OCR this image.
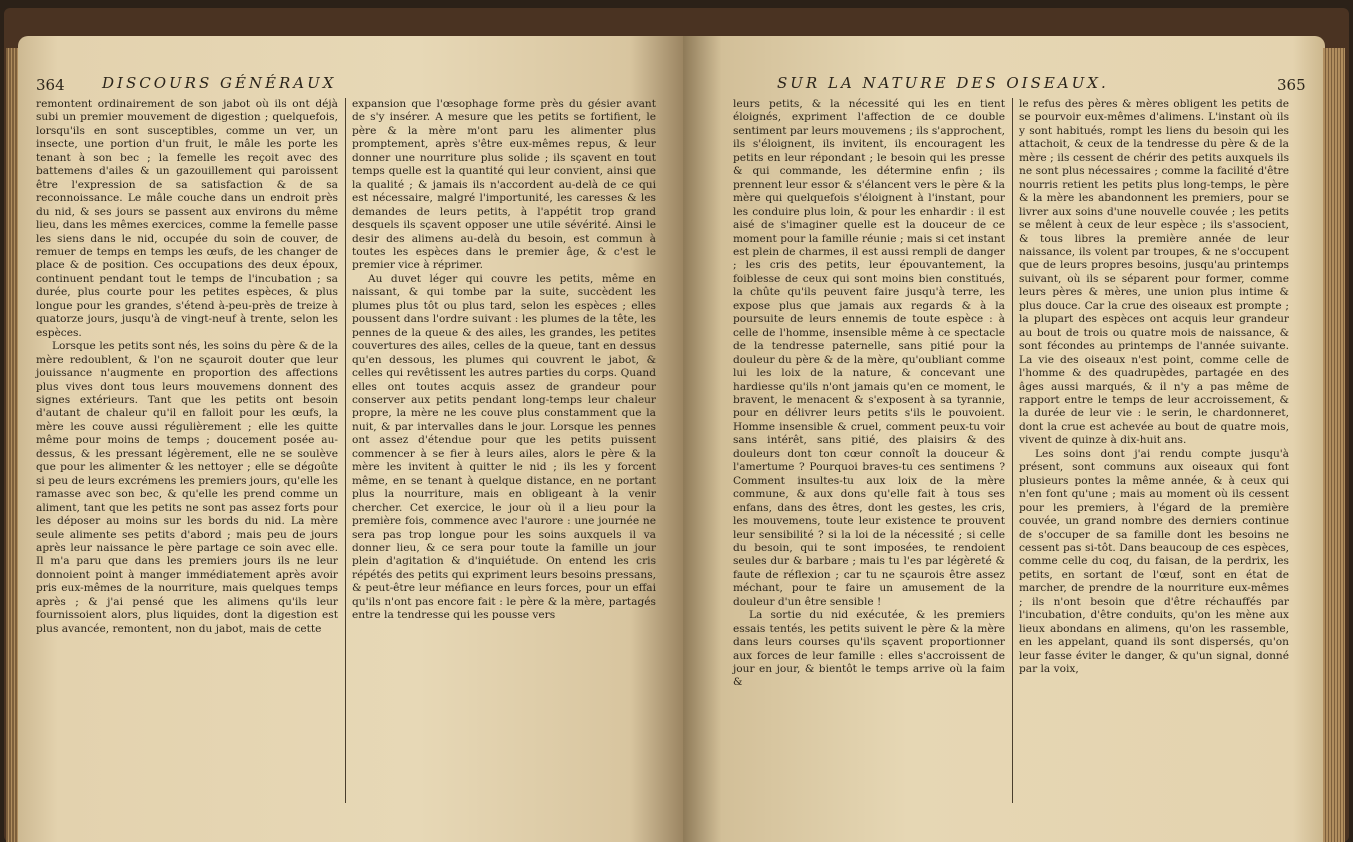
364 DISCOURS GÉNÉRAUX

remontent ordinairement de son jabot où ils ont déjà subi un premier mouvement de digestion ; quelquefois, lorsqu'ils en sont susceptibles, comme un ver, un insecte, une portion d'un fruit, le mâle les porte les tenant à son bec ; la femelle les reçoit avec des battemens d'ailes & un gazouillement qui paroissent être l'expression de sa satisfaction & de sa reconnoissance. Le mâle couche dans un endroit près du nid, & ses jours se passent aux environs du même lieu, dans les mêmes exercices, comme la femelle passe les siens dans le nid, occupée du soin de couver, de remuer de temps en temps les œufs, de les changer de place & de position. Ces occupations des deux époux, continuent pendant tout le temps de l'incubation ; sa durée, plus courte pour les petites espèces, & plus longue pour les grandes, s'étend à-peu-près de treize à quatorze jours, jusqu'à de vingt-neuf à trente, selon les espèces.

Lorsque les petits sont nés, les soins du père & de la mère redoublent, & l'on ne sçauroit douter que leur jouissance n'augmente en proportion des affections plus vives dont tous leurs mouvemens donnent des signes extérieurs. Tant que les petits ont besoin d'autant de chaleur qu'il en falloit pour les œufs, la mère les couve aussi régulièrement ; elle les quitte même pour moins de temps ; doucement posée au-dessus, & les pressant légèrement, elle ne se soulève que pour les alimenter & les nettoyer ; elle se dégoûte si peu de leurs excrémens les premiers jours, qu'elle les ramasse avec son bec, & qu'elle les prend comme un aliment, tant que les petits ne sont pas assez forts pour les déposer au moins sur les bords du nid. La mère seule alimente ses petits d'abord ; mais peu de jours après leur naissance le père partage ce soin avec elle. Il m'a paru que dans les premiers jours ils ne leur donnoient point à manger immédiatement après avoir pris eux-mêmes de la nourriture, mais quelques temps après ; & j'ai pensé que les alimens qu'ils leur fournissoient alors, plus liquides, dont la digestion est plus avancée, remontent, non du jabot, mais de cette

expansion que l'œsophage forme près du gésier avant de s'y insérer. A mesure que les petits se fortifient, le père & la mère m'ont paru les alimenter plus promptement, après s'être eux-mêmes repus, & leur donner une nourriture plus solide ; ils sçavent en tout temps quelle est la quantité qui leur convient, ainsi que la qualité ; & jamais ils n'accordent au-delà de ce qui est nécessaire, malgré l'importunité, les caresses & les demandes de leurs petits, à l'appétit trop grand desquels ils sçavent opposer une utile sévérité. Ainsi le desir des alimens au-delà du besoin, est commun à toutes les espèces dans le premier âge, & c'est le premier vice à réprimer.

Au duvet léger qui couvre les petits, même en naissant, & qui tombe par la suite, succèdent les plumes plus tôt ou plus tard, selon les espèces ; elles poussent dans l'ordre suivant : les plumes de la tête, les pennes de la queue & des ailes, les grandes, les petites couvertures des ailes, celles de la queue, tant en dessus qu'en dessous, les plumes qui couvrent le jabot, & celles qui revêtissent les autres parties du corps. Quand elles ont toutes acquis assez de grandeur pour conserver aux petits pendant long-temps leur chaleur propre, la mère ne les couve plus constamment que la nuit, & par intervalles dans le jour. Lorsque les pennes ont assez d'étendue pour que les petits puissent commencer à se fier à leurs ailes, alors le père & la mère les invitent à quitter le nid ; ils les y forcent même, en se tenant à quelque distance, en ne portant plus la nourriture, mais en obligeant à la venir chercher. Cet exercice, le jour où il a lieu pour la première fois, commence avec l'aurore : une journée ne sera pas trop longue pour les soins auxquels il va donner lieu, & ce sera pour toute la famille un jour plein d'agitation & d'inquiétude. On entend les cris répétés des petits qui expriment leurs besoins pressans, & peut-être leur méfiance en leurs forces, pour un effai qu'ils n'ont pas encore fait : le père & la mère, partagés entre la tendresse qui les pousse vers

SUR LA NATURE DES OISEAUX.	365

leurs petits, & la nécessité qui les en tient éloignés, expriment l'affection de ce double sentiment par leurs mouvemens ; ils s'approchent, ils s'éloignent, ils invitent, ils encouragent les petits en leur répondant ; le besoin qui les presse & qui commande, les détermine enfin ; ils prennent leur essor & s'élancent vers le père & la mère qui quelquefois s'éloignent à l'instant, pour les conduire plus loin, & pour les enhardir : il est aisé de s'imaginer quelle est la douceur de ce moment pour la famille réunie ; mais si cet instant est plein de charmes, il est aussi rempli de danger ; les cris des petits, leur épouvantement, la foiblesse de ceux qui sont moins bien constitués, la chûte qu'ils peuvent faire jusqu'à terre, les expose plus que jamais aux regards & à la poursuite de leurs ennemis de toute espèce : à celle de l'homme, insensible même à ce spectacle de la tendresse paternelle, sans pitié pour la douleur du père & de la mère, qu'oubliant comme lui les loix de la nature, & concevant une hardiesse qu'ils n'ont jamais qu'en ce moment, le bravent, le menacent & s'exposent à sa tyrannie, pour en délivrer leurs petits s'ils le pouvoient. Homme insensible & cruel, comment peux-tu voir sans intérêt, sans pitié, des plaisirs & des douleurs dont ton cœur connoît la douceur & l'amertume ? Pourquoi braves-tu ces sentimens ? Comment insultes-tu aux loix de la mère commune, & aux dons qu'elle fait à tous ses enfans, dans des êtres, dont les gestes, les cris, les mouvemens, toute leur existence te prouvent leur sensibilité ? si la loi de la nécessité ; si celle du besoin, qui te sont imposées, te rendoient seules dur & barbare ; mais tu l'es par légèreté & faute de réflexion ; car tu ne sçaurois être assez méchant, pour te faire un amusement de la douleur d'un être sensible !

La sortie du nid exécutée, & les premiers essais tentés, les petits suivent le père & la mère dans leurs courses qu'ils sçavent proportionner aux forces de leur famille : elles s'accroissent de jour en jour, & bientôt le temps arrive où la faim &

le refus des pères & mères obligent les petits de se pourvoir eux-mêmes d'alimens. L'instant où ils y sont habitués, rompt les liens du besoin qui les attachoit, & ceux de la tendresse du père & de la mère ; ils cessent de chérir des petits auxquels ils ne sont plus nécessaires ; comme la facilité d'être nourris retient les petits plus long-temps, le père & la mère les abandonnent les premiers, pour se livrer aux soins d'une nouvelle couvée ; les petits se mêlent à ceux de leur espèce ; ils s'associent, & tous libres la première année de leur naissance, ils volent par troupes, & ne s'occupent que de leurs propres besoins, jusqu'au printemps suivant, où ils se séparent pour former, comme leurs pères & mères, une union plus intime & plus douce. Car la crue des oiseaux est prompte ; la plupart des espèces ont acquis leur grandeur au bout de trois ou quatre mois de naissance, & sont fécondes au printemps de l'année suivante. La vie des oiseaux n'est point, comme celle de l'homme & des quadrupèdes, partagée en des âges aussi marqués, & il n'y a pas même de rapport entre le temps de leur accroissement, & la durée de leur vie : le serin, le chardonneret, dont la crue est achevée au bout de quatre mois, vivent de quinze à dix-huit ans.

Les soins dont j'ai rendu compte jusqu'à présent, sont communs aux oiseaux qui font plusieurs pontes la même année, & à ceux qui n'en font qu'une ; mais au moment où ils cessent pour les premiers, à l'égard de la première couvée, un grand nombre des derniers continue de s'occuper de sa famille dont les besoins ne cessent pas si-tôt. Dans beaucoup de ces espèces, comme celle du coq, du faisan, de la perdrix, les petits, en sortant de l'œuf, sont en état de marcher, de prendre de la nourriture eux-mêmes ; ils n'ont besoin que d'être réchauffés par l'incubation, d'être conduits, qu'on les mène aux lieux abondans en alimens, qu'on les rassemble, en les appelant, quand ils sont dispersés, qu'on leur fasse éviter le danger, & qu'un signal, donné par la voix,
